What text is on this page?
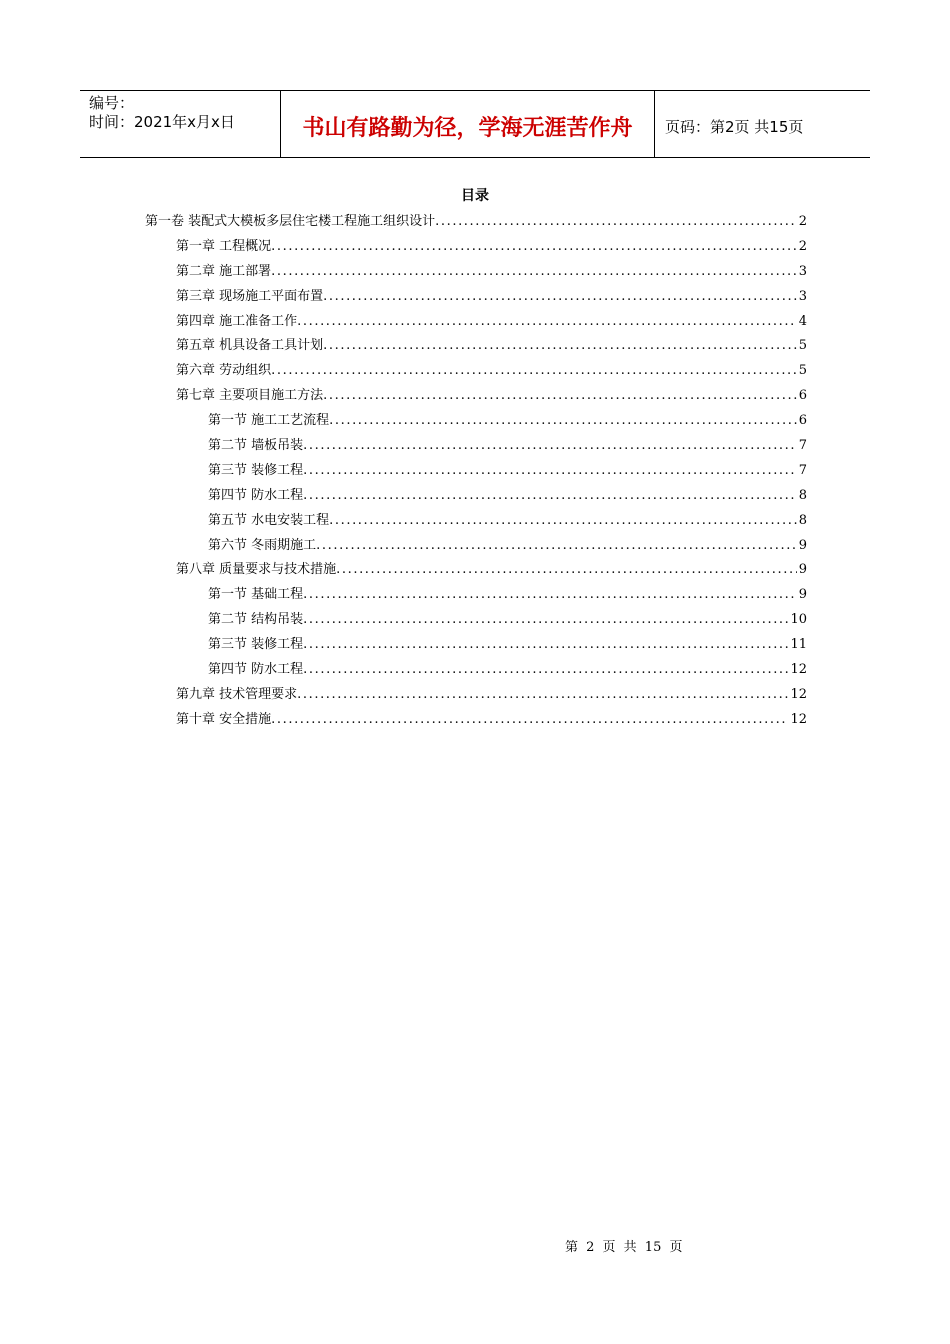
编号：
时间：2021年x月x日	书山有路勤为径，学海无涯苦作舟	页码：第2页 共15页
目录
第一卷 装配式大模板多层住宅楼工程施工组织设计 .....	2
第一章 工程概况 .....	2
第二章 施工部署 .....	3
第三章 现场施工平面布置 .....	3
第四章 施工准备工作 .....	4
第五章 机具设备工具计划 .....	5
第六章 劳动组织 .....	5
第七章 主要项目施工方法 .....	6
第一节 施工工艺流程 .....	6
第二节 墙板吊装 .....	7
第三节 装修工程 .....	7
第四节 防水工程 .....	8
第五节 水电安装工程 .....	8
第六节 冬雨期施工 .....	9
第八章 质量要求与技术措施 .....	9
第一节 基础工程 .....	9
第二节 结构吊装 .....	10
第三节 装修工程 .....	11
第四节 防水工程 .....	12
第九章 技术管理要求 .....	12
第十章 安全措施 .....	12
第 2 页 共 15 页
